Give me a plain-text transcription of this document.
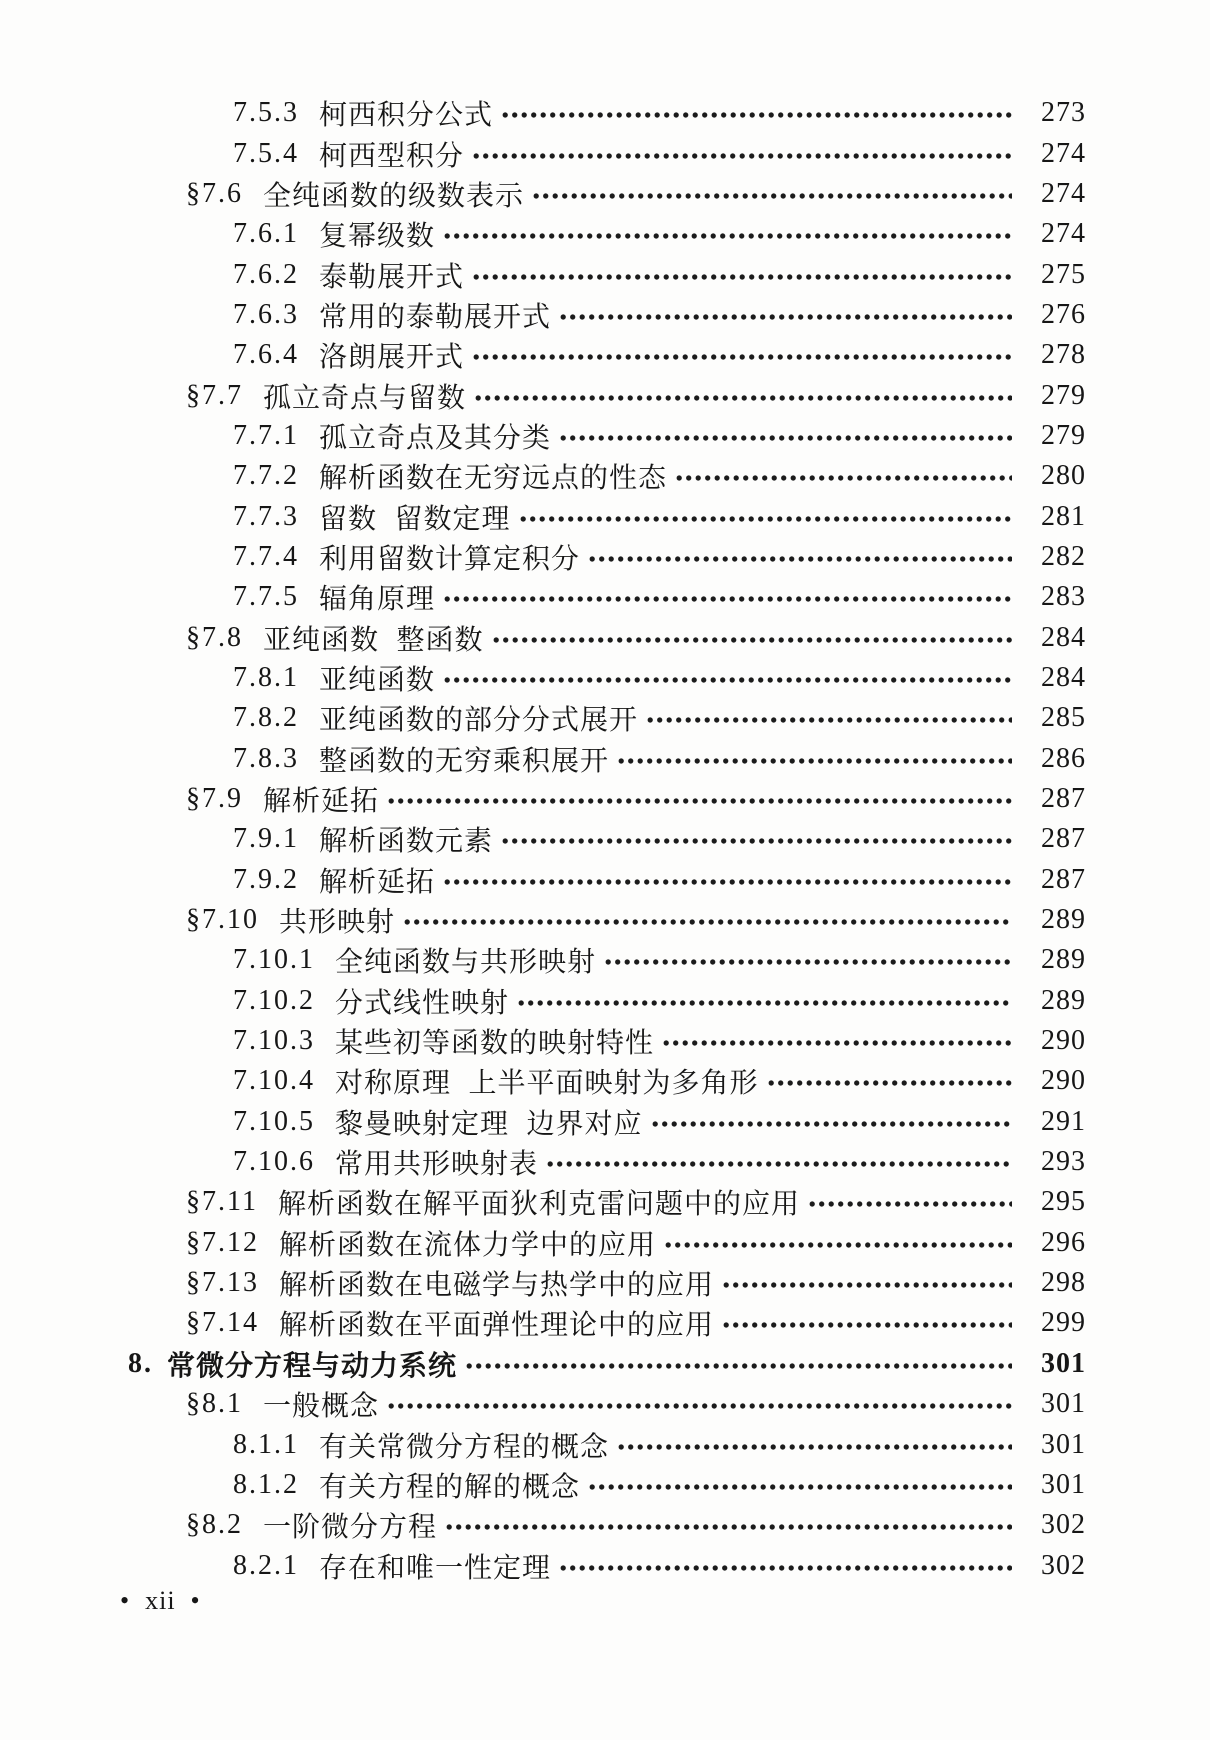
7.5.3 柯西积分公式	273
7.5.4 柯西型积分	274
§7.6 全纯函数的级数表示	274
7.6.1 复幂级数	274
7.6.2 泰勒展开式	275
7.6.3 常用的泰勒展开式	276
7.6.4 洛朗展开式	278
§7.7 孤立奇点与留数	279
7.7.1 孤立奇点及其分类	279
7.7.2 解析函数在无穷远点的性态	280
7.7.3 留数  留数定理	281
7.7.4 利用留数计算定积分	282
7.7.5 辐角原理	283
§7.8 亚纯函数  整函数	284
7.8.1 亚纯函数	284
7.8.2 亚纯函数的部分分式展开	285
7.8.3 整函数的无穷乘积展开	286
§7.9 解析延拓	287
7.9.1 解析函数元素	287
7.9.2 解析延拓	287
§7.10 共形映射	289
7.10.1 全纯函数与共形映射	289
7.10.2 分式线性映射	289
7.10.3 某些初等函数的映射特性	290
7.10.4 对称原理  上半平面映射为多角形	290
7.10.5 黎曼映射定理  边界对应	291
7.10.6 常用共形映射表	293
§7.11 解析函数在解平面狄利克雷问题中的应用	295
§7.12 解析函数在流体力学中的应用	296
§7.13 解析函数在电磁学与热学中的应用	298
§7.14 解析函数在平面弹性理论中的应用	299
8. 常微分方程与动力系统	301
§8.1 一般概念	301
8.1.1 有关常微分方程的概念	301
8.1.2 有关方程的解的概念	301
§8.2 一阶微分方程	302
8.2.1 存在和唯一性定理	302
•  xii  •
